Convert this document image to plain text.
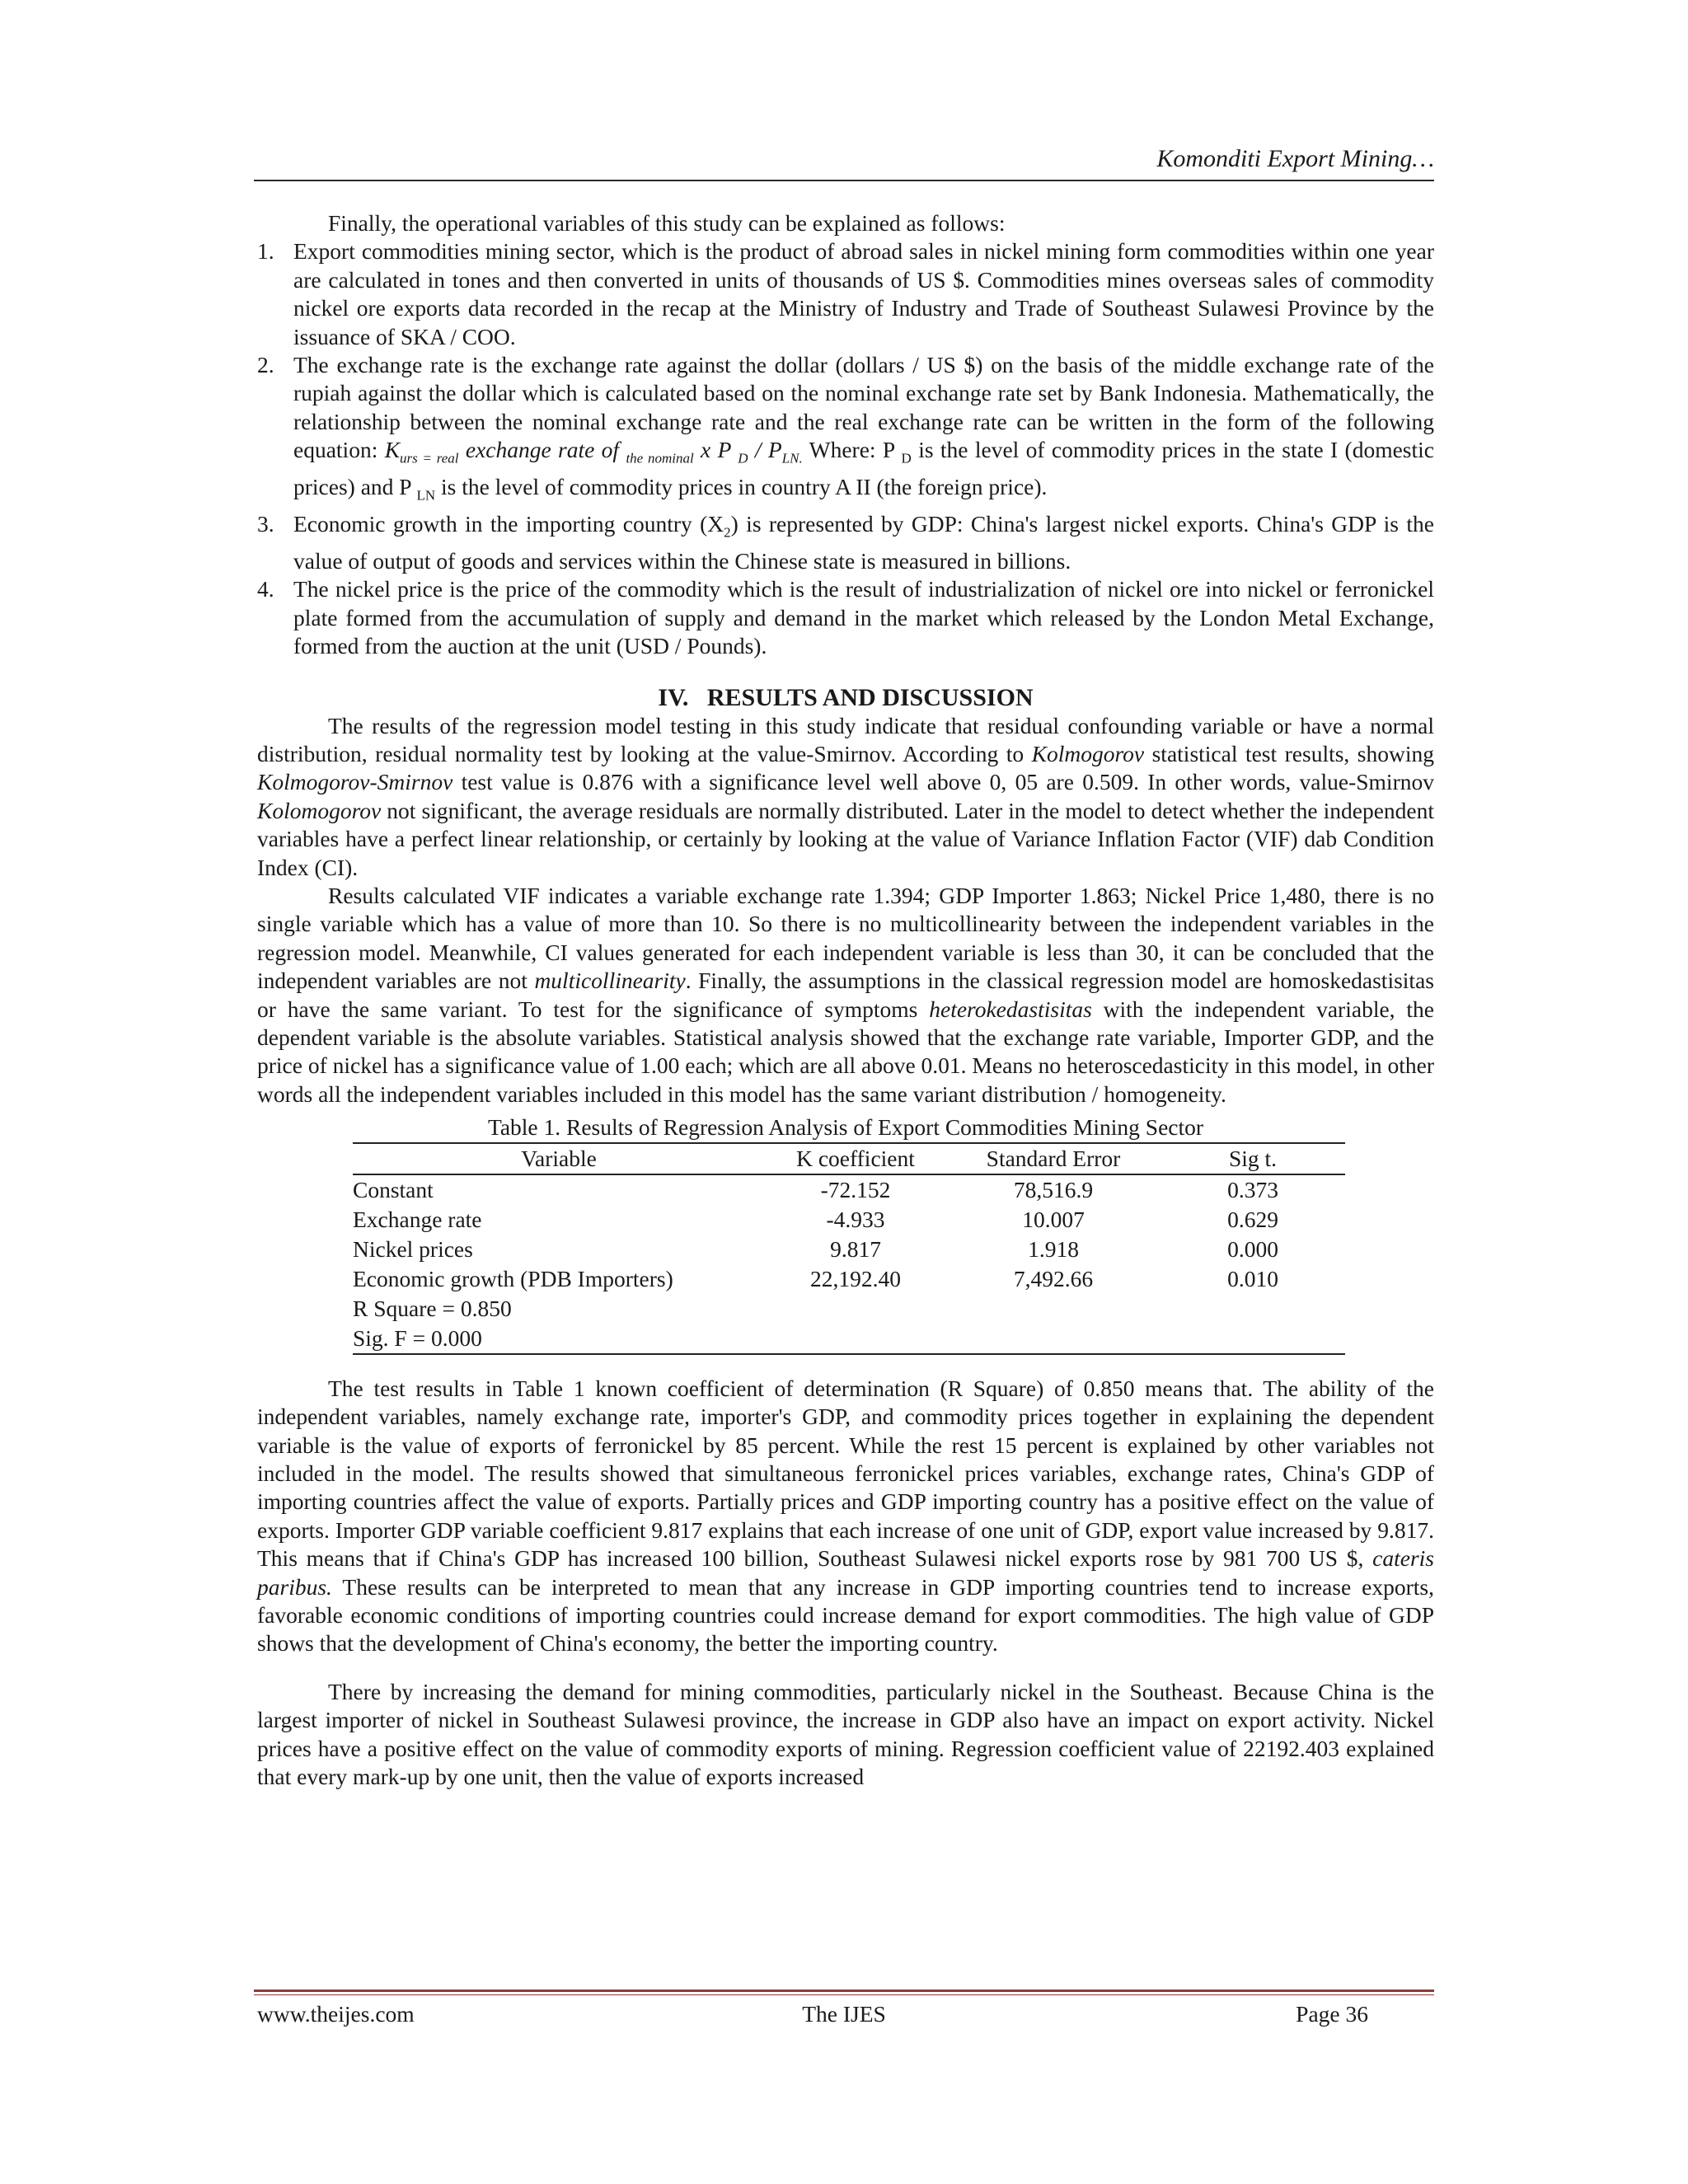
Komonditi Export Mining…

Finally, the operational variables of this study can be explained as follows:

1. Export commodities mining sector, which is the product of abroad sales in nickel mining form commodities within one year are calculated in tones and then converted in units of thousands of US $. Commodities mines overseas sales of commodity nickel ore exports data recorded in the recap at the Ministry of Industry and Trade of Southeast Sulawesi Province by the issuance of SKA / COO.
2. The exchange rate is the exchange rate against the dollar (dollars / US $) on the basis of the middle exchange rate of the rupiah against the dollar which is calculated based on the nominal exchange rate set by Bank Indonesia. Mathematically, the relationship between the nominal exchange rate and the real exchange rate can be written in the form of the following equation: $K_{urs = real}$ exchange rate of $_{the nominal}$ x P $_D / P_{LN.}$ Where: P $_D$ is the level of commodity prices in the state I (domestic prices) and P $_{LN}$ is the level of commodity prices in country A II (the foreign price).
3. Economic growth in the importing country $(X_2)$ is represented by GDP: China's largest nickel exports. China's GDP is the value of output of goods and services within the Chinese state is measured in billions.
4. The nickel price is the price of the commodity which is the result of industrialization of nickel ore into nickel or ferronickel plate formed from the accumulation of supply and demand in the market which released by the London Metal Exchange, formed from the auction at the unit (USD / Pounds).
IV. RESULTS AND DISCUSSION

The results of the regression model testing in this study indicate that residual confounding variable or have a normal distribution, residual normality test by looking at the value-Smirnov. According to Kolmogorov statistical test results, showing Kolmogorov-Smirnov test value is 0.876 with a significance level well above 0, 05 are 0.509. In other words, value-Smirnov Kolomogorov not significant, the average residuals are normally distributed. Later in the model to detect whether the independent variables have a perfect linear relationship, or certainly by looking at the value of Variance Inflation Factor (VIF) dab Condition Index (CI).

Results calculated VIF indicates a variable exchange rate 1.394; GDP Importer 1.863; Nickel Price 1,480, there is no single variable which has a value of more than 10. So there is no multicollinearity between the independent variables in the regression model. Meanwhile, CI values generated for each independent variable is less than 30, it can be concluded that the independent variables are not multicollinearity. Finally, the assumptions in the classical regression model are homoskedastisitas or have the same variant. To test for the significance of symptoms heterokedastisitas with the independent variable, the dependent variable is the absolute variables. Statistical analysis showed that the exchange rate variable, Importer GDP, and the price of nickel has a significance value of 1.00 each; which are all above 0.01. Means no heteroscedasticity in this model, in other words all the independent variables included in this model has the same variant distribution / homogeneity.

Table 1. Results of Regression Analysis of Export Commodities Mining Sector
Variable	K coefficient	Standard Error	Sig t.
Constant	-72.152	78,516.9	0.373
Exchange rate	-4.933	10.007	0.629
Nickel prices	9.817	1.918	0.000
Economic growth (PDB Importers)	22,192.40	7,492.66	0.010
R Square = 0.850			
Sig. F = 0.000			

The test results in Table 1 known coefficient of determination (R Square) of 0.850 means that. The ability of the independent variables, namely exchange rate, importer's GDP, and commodity prices together in explaining the dependent variable is the value of exports of ferronickel by 85 percent. While the rest 15 percent is explained by other variables not included in the model. The results showed that simultaneous ferronickel prices variables, exchange rates, China's GDP of importing countries affect the value of exports. Partially prices and GDP importing country has a positive effect on the value of exports. Importer GDP variable coefficient 9.817 explains that each increase of one unit of GDP, export value increased by 9.817. This means that if China's GDP has increased 100 billion, Southeast Sulawesi nickel exports rose by 981 700 US $, cateris paribus. These results can be interpreted to mean that any increase in GDP importing countries tend to increase exports, favorable economic conditions of importing countries could increase demand for export commodities. The high value of GDP shows that the development of China's economy, the better the importing country.

There by increasing the demand for mining commodities, particularly nickel in the Southeast. Because China is the largest importer of nickel in Southeast Sulawesi province, the increase in GDP also have an impact on export activity. Nickel prices have a positive effect on the value of commodity exports of mining. Regression coefficient value of 22192.403 explained that every mark-up by one unit, then the value of exports increased

www.theijes.com	The IJES	Page 36
